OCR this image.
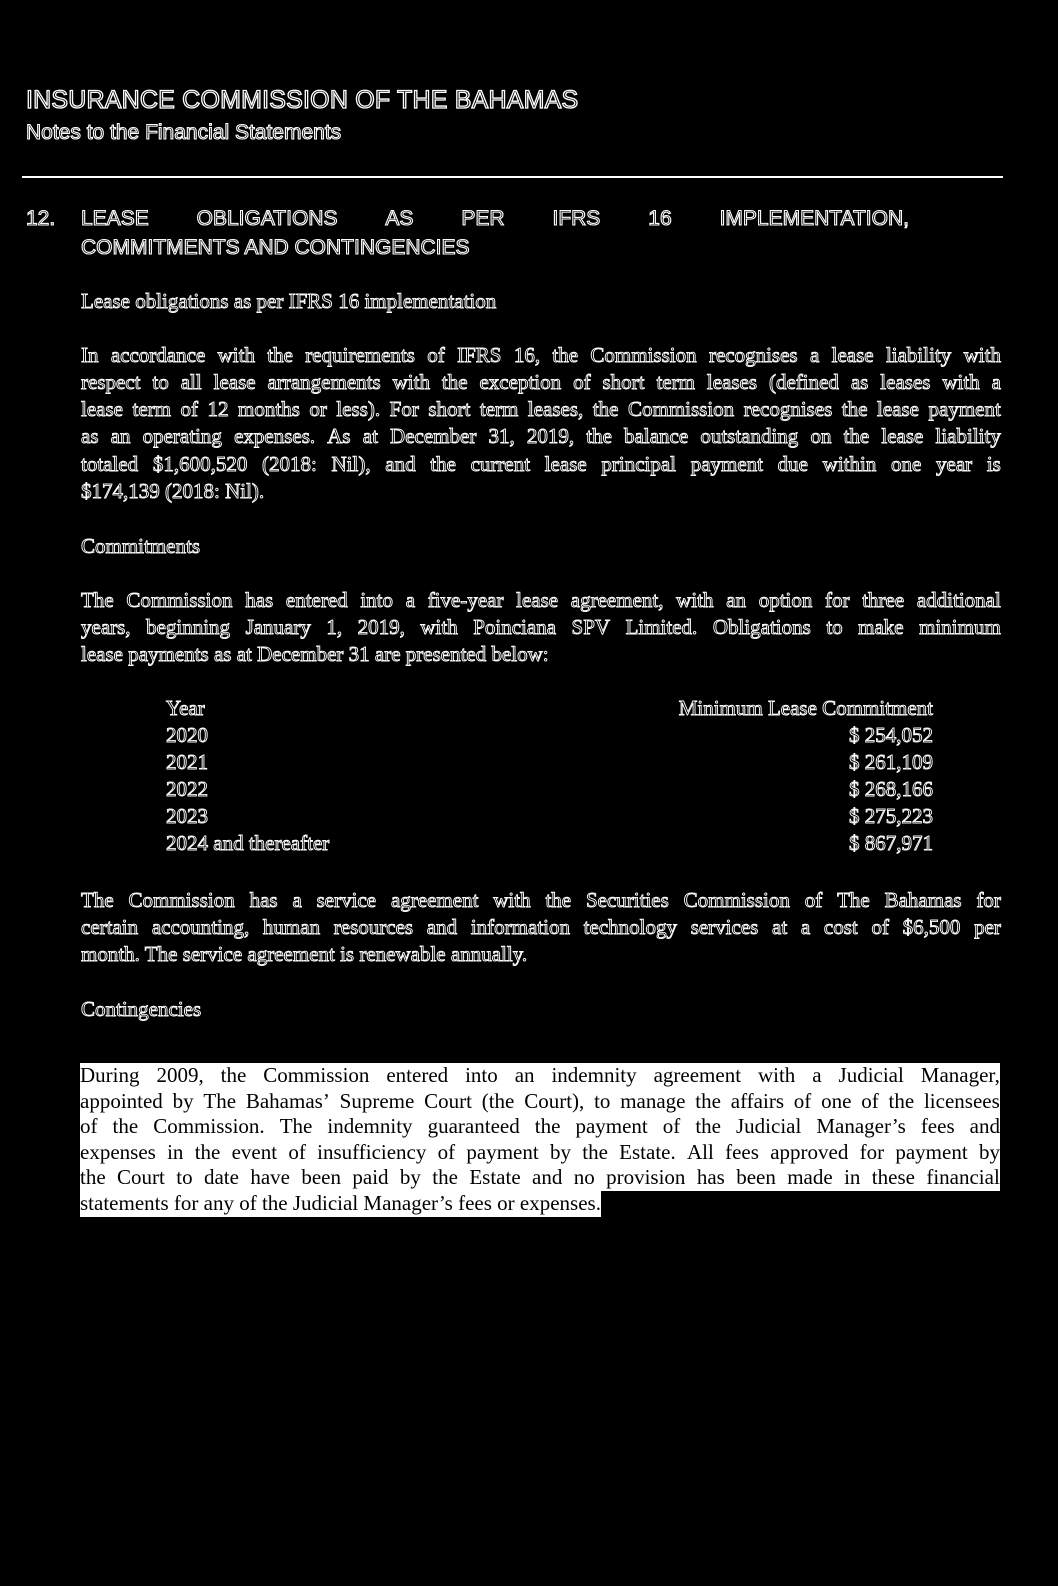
INSURANCE COMMISSION OF THE BAHAMAS
Notes to the Financial Statements
12. LEASE OBLIGATIONS AS PER IFRS 16 IMPLEMENTATION,
COMMITMENTS AND CONTINGENCIES
Lease obligations as per IFRS 16 implementation
In accordance with the requirements of IFRS 16, the Commission recognises a lease liability with
respect to all lease arrangements with the exception of short term leases (defined as leases with a
lease term of 12 months or less). For short term leases, the Commission recognises the lease payment
as an operating expenses. As at December 31, 2019, the balance outstanding on the lease liability
totaled $1,600,520 (2018: Nil), and the current lease principal payment due within one year is
$174,139 (2018: Nil).
Commitments
The Commission has entered into a five-year lease agreement, with an option for three additional
years, beginning January 1, 2019, with Poinciana SPV Limited. Obligations to make minimum
lease payments as at December 31 are presented below:
Year	Minimum Lease Commitment
2020	$ 254,052
2021	$ 261,109
2022	$ 268,166
2023	$ 275,223
2024 and thereafter	$ 867,971
The Commission has a service agreement with the Securities Commission of The Bahamas for
certain accounting, human resources and information technology services at a cost of $6,500 per
month. The service agreement is renewable annually.
Contingencies
During 2009, the Commission entered into an indemnity agreement with a Judicial Manager,
appointed by The Bahamas’ Supreme Court (the Court), to manage the affairs of one of the licensees
of the Commission. The indemnity guaranteed the payment of the Judicial Manager’s fees and
expenses in the event of insufficiency of payment by the Estate. All fees approved for payment by
the Court to date have been paid by the Estate and no provision has been made in these financial
statements for any of the Judicial Manager’s fees or expenses.
